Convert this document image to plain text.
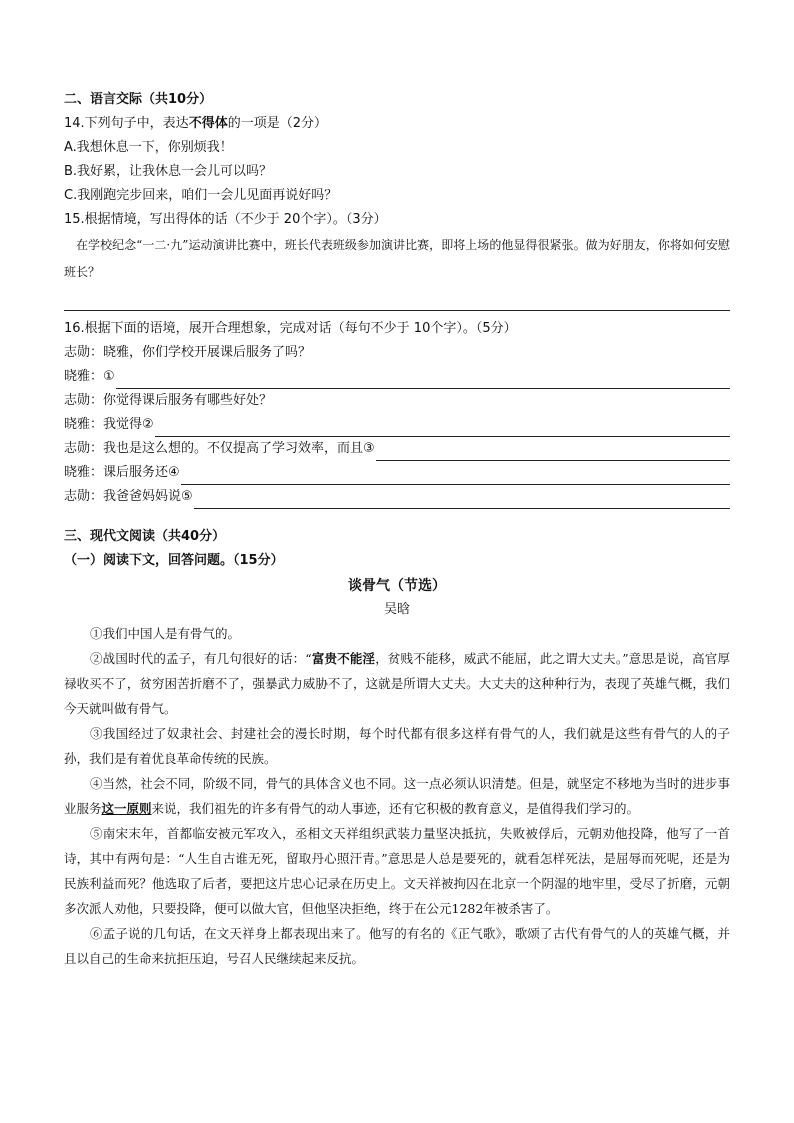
二、语言交际（共10分）
14.下列句子中，表达不得体的一项是（2分）
A.我想休息一下，你别烦我！
B.我好累，让我休息一会儿可以吗？
C.我刚跑完步回来，咱们一会儿见面再说好吗？
15.根据情境，写出得体的话（不少于 20个字）。（3分）
在学校纪念“一二·九”运动演讲比赛中，班长代表班级参加演讲比赛，即将上场的他显得很紧张。做为好朋友，你将如何安慰班长？
16.根据下面的语境，展开合理想象，完成对话（每句不少于 10个字）。（5分）
志勋：晓雅，你们学校开展课后服务了吗？
晓雅：①
志勋：你觉得课后服务有哪些好处？
晓雅：我觉得②
志勋：我也是这么想的。不仅提高了学习效率，而且③
晓雅：课后服务还④
志勋：我爸爸妈妈说⑤
三、现代文阅读（共40分）
（一）阅读下文，回答问题。（15分）
谈骨气（节选）
吴晗
①我们中国人是有骨气的。
②战国时代的孟子，有几句很好的话：“富贵不能淫，贫贱不能移，威武不能屈，此之谓大丈夫。”意思是说，高官厚禄收买不了，贫穷困苦折磨不了，强暴武力威胁不了，这就是所谓大丈夫。大丈夫的这种种行为，表现了英雄气概，我们今天就叫做有骨气。
③我国经过了奴隶社会、封建社会的漫长时期，每个时代都有很多这样有骨气的人，我们就是这些有骨气的人的子孙，我们是有着优良革命传统的民族。
④当然，社会不同，阶级不同，骨气的具体含义也不同。这一点必须认识清楚。但是，就坚定不移地为当时的进步事业服务这一原则来说，我们祖先的许多有骨气的动人事迹，还有它积极的教育意义，是值得我们学习的。
⑤南宋末年，首都临安被元军攻入，丞相文天祥组织武装力量坚决抵抗，失败被俘后，元朝劝他投降，他写了一首诗，其中有两句是：“人生自古谁无死，留取丹心照汗青。”意思是人总是要死的，就看怎样死法，是屈辱而死呢，还是为民族利益而死？他选取了后者，要把这片忠心记录在历史上。文天祥被拘囚在北京一个阴湿的地牢里，受尽了折磨，元朝多次派人劝他，只要投降，便可以做大官，但他坚决拒绝，终于在公元1282年被杀害了。
⑥孟子说的几句话，在文天祥身上都表现出来了。他写的有名的《正气歌》，歌颂了古代有骨气的人的英雄气概，并且以自己的生命来抗拒压迫，号召人民继续起来反抗。
